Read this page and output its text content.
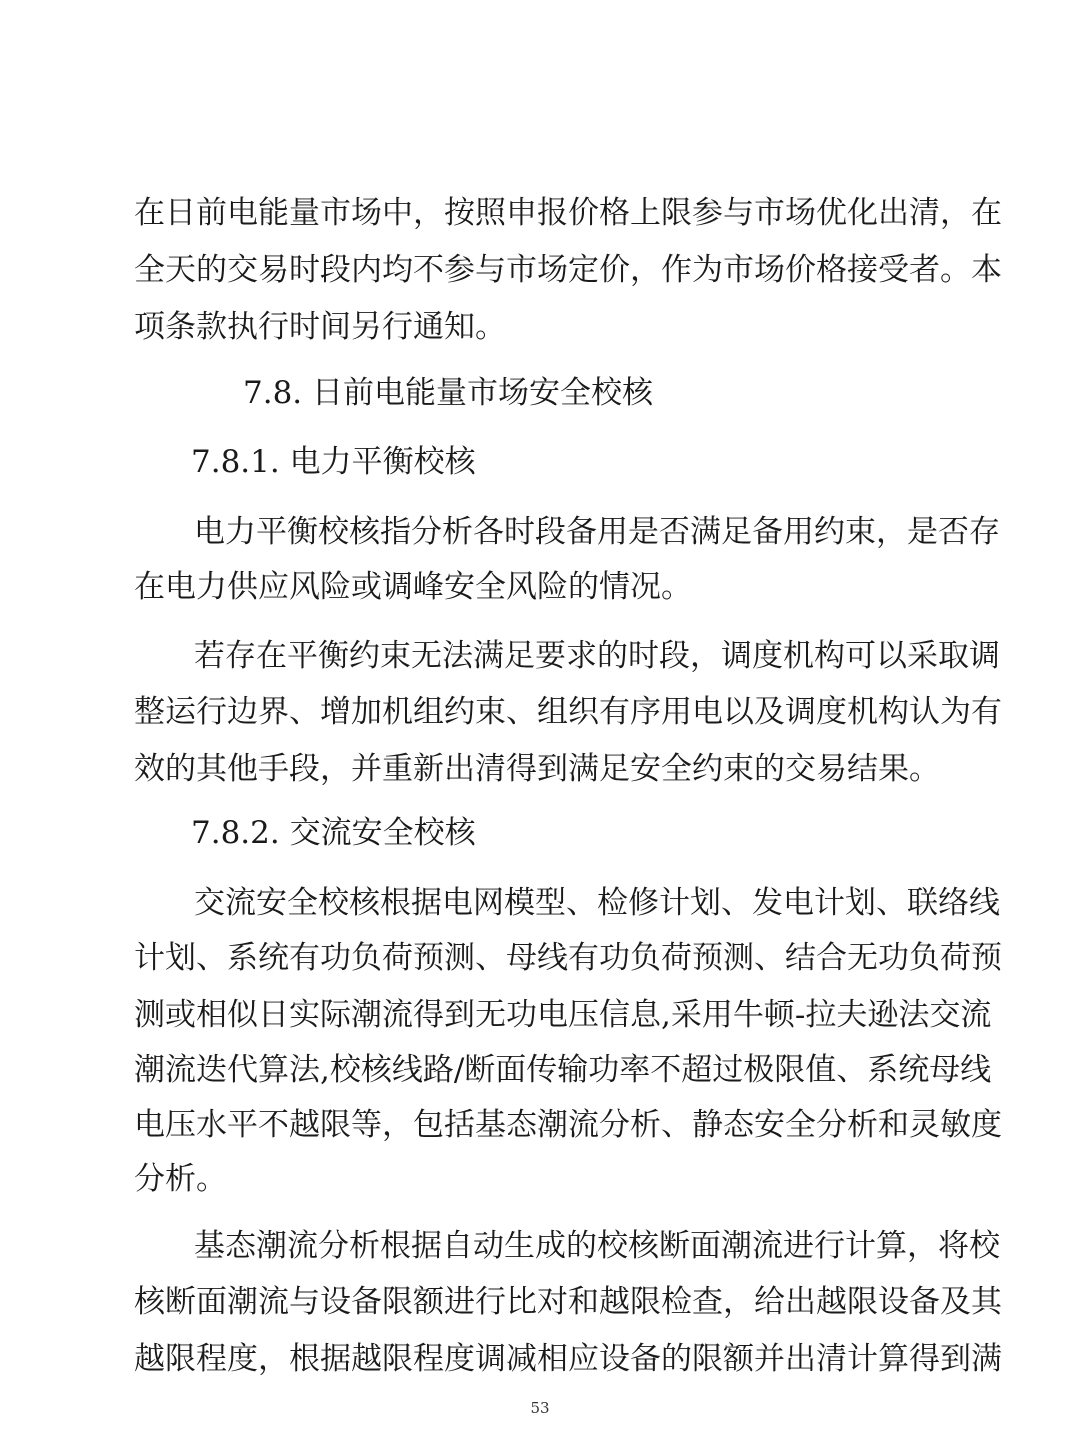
在日前电能量市场中，按照申报价格上限参与市场优化出清，在
全天的交易时段内均不参与市场定价，作为市场价格接受者。本
项条款执行时间另行通知。
7.8. 日前电能量市场安全校核
7.8.1. 电力平衡校核
电力平衡校核指分析各时段备用是否满足备用约束，是否存
在电力供应风险或调峰安全风险的情况。
若存在平衡约束无法满足要求的时段，调度机构可以采取调
整运行边界、增加机组约束、组织有序用电以及调度机构认为有
效的其他手段，并重新出清得到满足安全约束的交易结果。
7.8.2. 交流安全校核
交流安全校核根据电网模型、检修计划、发电计划、联络线
计划、系统有功负荷预测、母线有功负荷预测、结合无功负荷预
测或相似日实际潮流得到无功电压信息,采用牛顿-拉夫逊法交流
潮流迭代算法,校核线路/断面传输功率不超过极限值、系统母线
电压水平不越限等，包括基态潮流分析、静态安全分析和灵敏度
分析。
基态潮流分析根据自动生成的校核断面潮流进行计算，将校
核断面潮流与设备限额进行比对和越限检查，给出越限设备及其
越限程度，根据越限程度调减相应设备的限额并出清计算得到满
53
